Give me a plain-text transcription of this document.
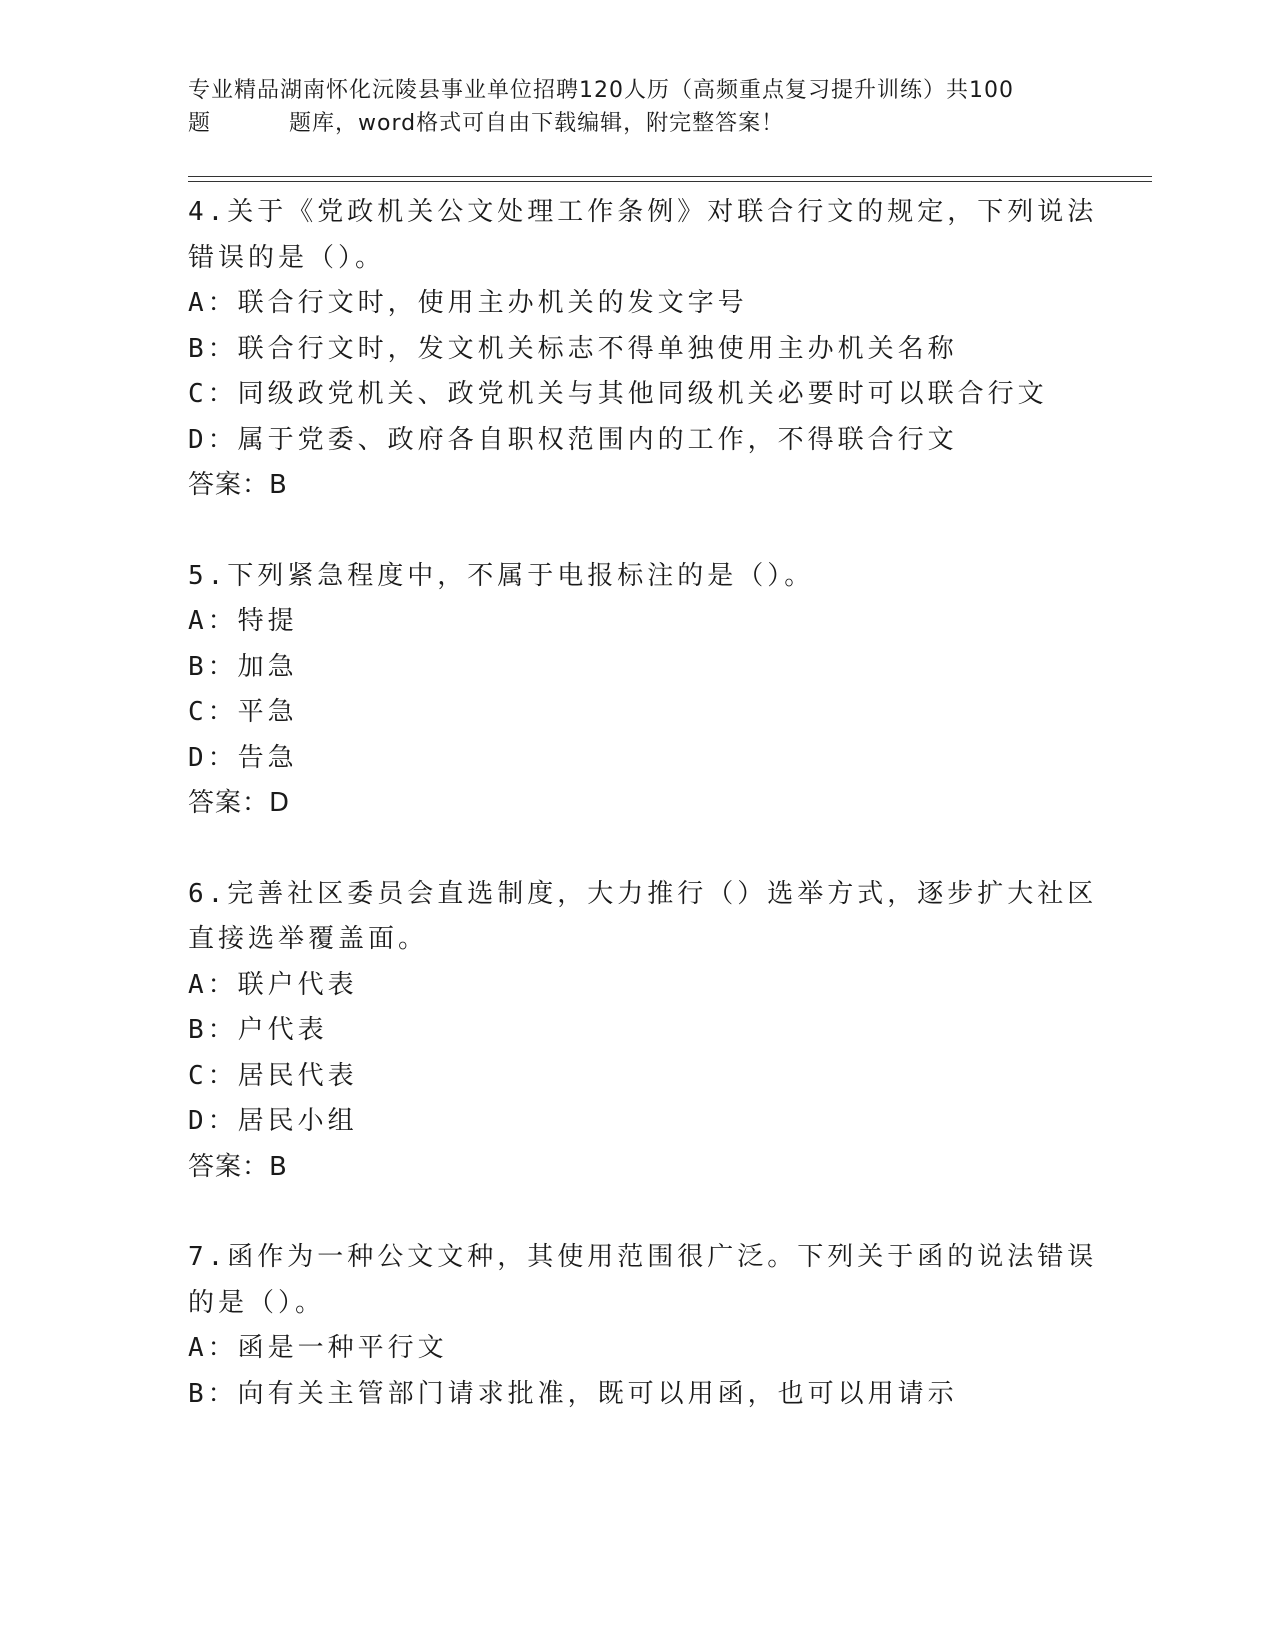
专业精品湖南怀化沅陵县事业单位招聘120人历（高频重点复习提升训练）共100
题	题库，word格式可自由下载编辑，附完整答案！
4.关于《党政机关公文处理工作条例》对联合行文的规定，下列说法
错误的是（）。
A：联合行文时，使用主办机关的发文字号
B：联合行文时，发文机关标志不得单独使用主办机关名称
C：同级政党机关、政党机关与其他同级机关必要时可以联合行文
D：属于党委、政府各自职权范围内的工作，不得联合行文
答案：B
5.下列紧急程度中，不属于电报标注的是（）。
A：特提
B：加急
C：平急
D：告急
答案：D
6.完善社区委员会直选制度，大力推行（）选举方式，逐步扩大社区
直接选举覆盖面。
A：联户代表
B：户代表
C：居民代表
D：居民小组
答案：B
7.函作为一种公文文种，其使用范围很广泛。下列关于函的说法错误
的是（）。
A：函是一种平行文
B：向有关主管部门请求批准，既可以用函，也可以用请示
